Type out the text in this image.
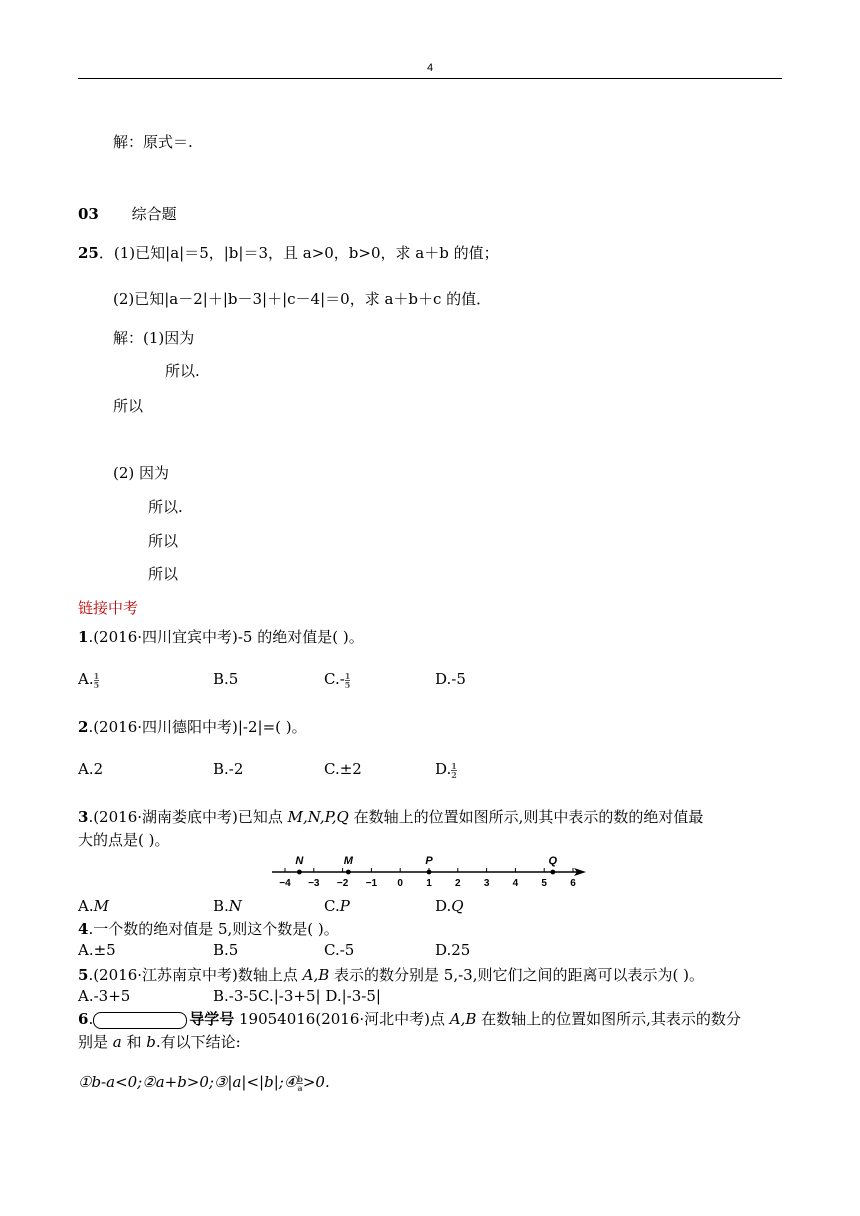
4
解：原式＝.
03 综合题
25．(1)已知|a|＝5，|b|＝3，且 a>0，b>0，求 a＋b 的值；
(2)已知|a－2|＋|b－3|＋|c－4|＝0，求 a＋b＋c 的值．
解：(1)因为
所以.
所以
(2) 因为
所以.
所以
所以
链接中考
1.(2016·四川宜宾中考)-5 的绝对值是( )。
A. $\frac{1}{5}$	B.5	$C.- \frac{1}{5}$	D.-5
2.(2016·四川德阳中考)|-2|=( )。
A.2	B.-2	C.±2	D. $\frac{1}{2}$
3.(2016·湖南娄底中考)已知点 M,N,P,Q 在数轴上的位置如图所示,则其中表示的数的绝对值最
大的点是( )。
−4 −3 −2 −1 0 1 2 3 4 5 6
N	M	P	Q
A.M	B.N	C.P	D.Q
4.一个数的绝对值是 5,则这个数是( )。
A.±5	B.5	C.-5	D.25
5.(2016·江苏南京中考)数轴上点 A,B 表示的数分别是 5,-3,则它们之间的距离可以表示为( )。
A.-3+5	B.-3-5C.|-3+5| D.|-3-5|
6.	导学号 19054016(2016·河北中考)点 A,B 在数轴上的位置如图所示,其表示的数分
别是 a 和 b.有以下结论:
①b-a<0;②a+b>0;③|a|<|b|;④ $\frac{b}{a} >0$.
